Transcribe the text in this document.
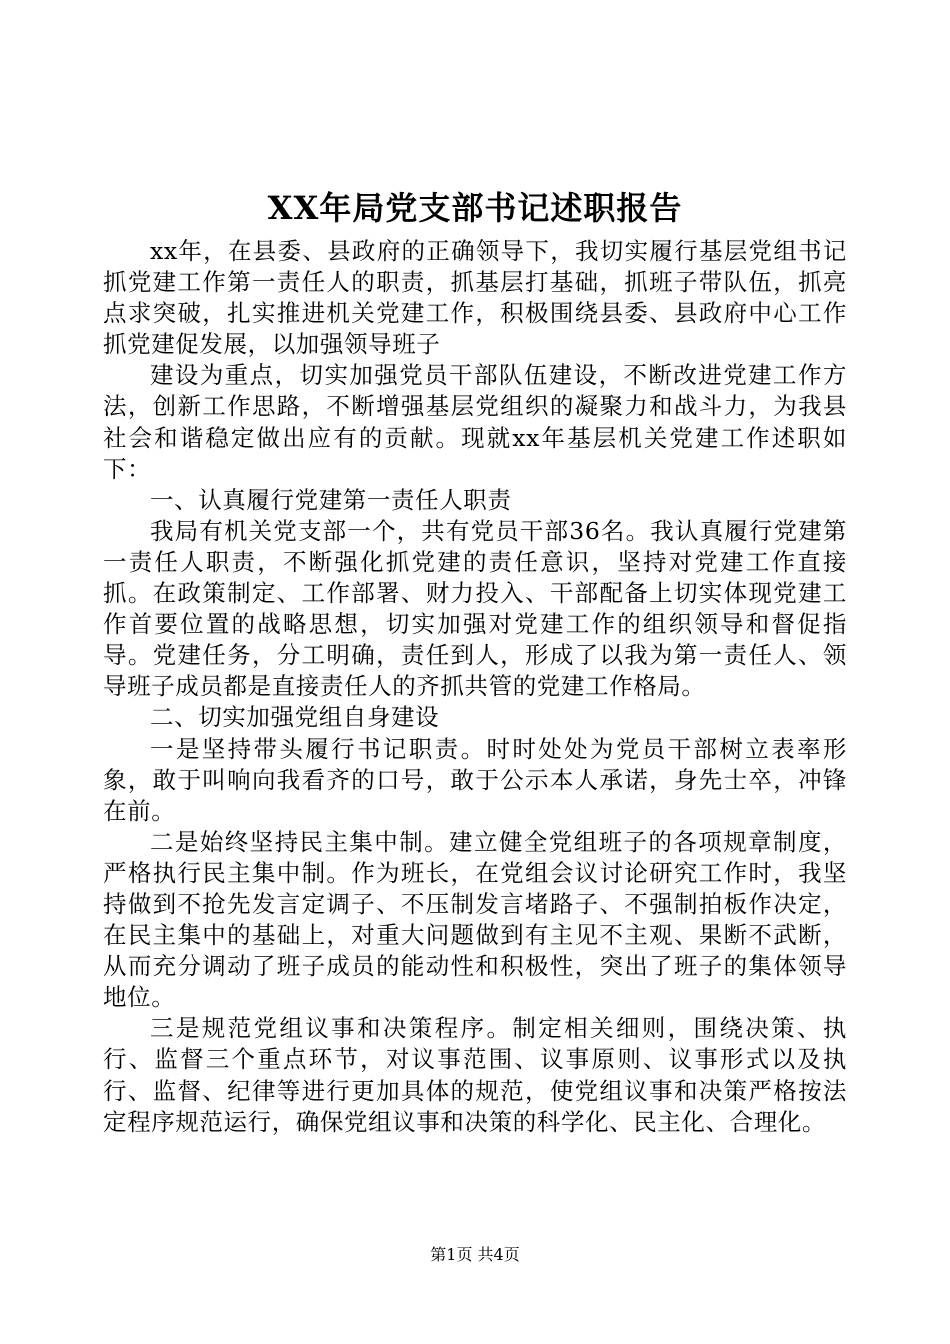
XX年局党支部书记述职报告

xx年，在县委、县政府的正确领导下，我切实履行基层党组书记抓党建工作第一责任人的职责，抓基层打基础，抓班子带队伍，抓亮点求突破，扎实推进机关党建工作，积极围绕县委、县政府中心工作抓党建促发展，以加强领导班子

建设为重点，切实加强党员干部队伍建设，不断改进党建工作方法，创新工作思路，不断增强基层党组织的凝聚力和战斗力，为我县社会和谐稳定做出应有的贡献。现就xx年基层机关党建工作述职如下：

一、认真履行党建第一责任人职责

我局有机关党支部一个，共有党员干部36名。我认真履行党建第一责任人职责，不断强化抓党建的责任意识，坚持对党建工作直接抓。在政策制定、工作部署、财力投入、干部配备上切实体现党建工作首要位置的战略思想，切实加强对党建工作的组织领导和督促指导。党建任务，分工明确，责任到人，形成了以我为第一责任人、领导班子成员都是直接责任人的齐抓共管的党建工作格局。

二、切实加强党组自身建设

一是坚持带头履行书记职责。时时处处为党员干部树立表率形象，敢于叫响向我看齐的口号，敢于公示本人承诺，身先士卒，冲锋在前。

二是始终坚持民主集中制。建立健全党组班子的各项规章制度，严格执行民主集中制。作为班长，在党组会议讨论研究工作时，我坚持做到不抢先发言定调子、不压制发言堵路子、不强制拍板作决定，在民主集中的基础上，对重大问题做到有主见不主观、果断不武断，从而充分调动了班子成员的能动性和积极性，突出了班子的集体领导地位。

三是规范党组议事和决策程序。制定相关细则，围绕决策、执行、监督三个重点环节，对议事范围、议事原则、议事形式以及执行、监督、纪律等进行更加具体的规范，使党组议事和决策严格按法定程序规范运行，确保党组议事和决策的科学化、民主化、合理化。

第1页 共4页
